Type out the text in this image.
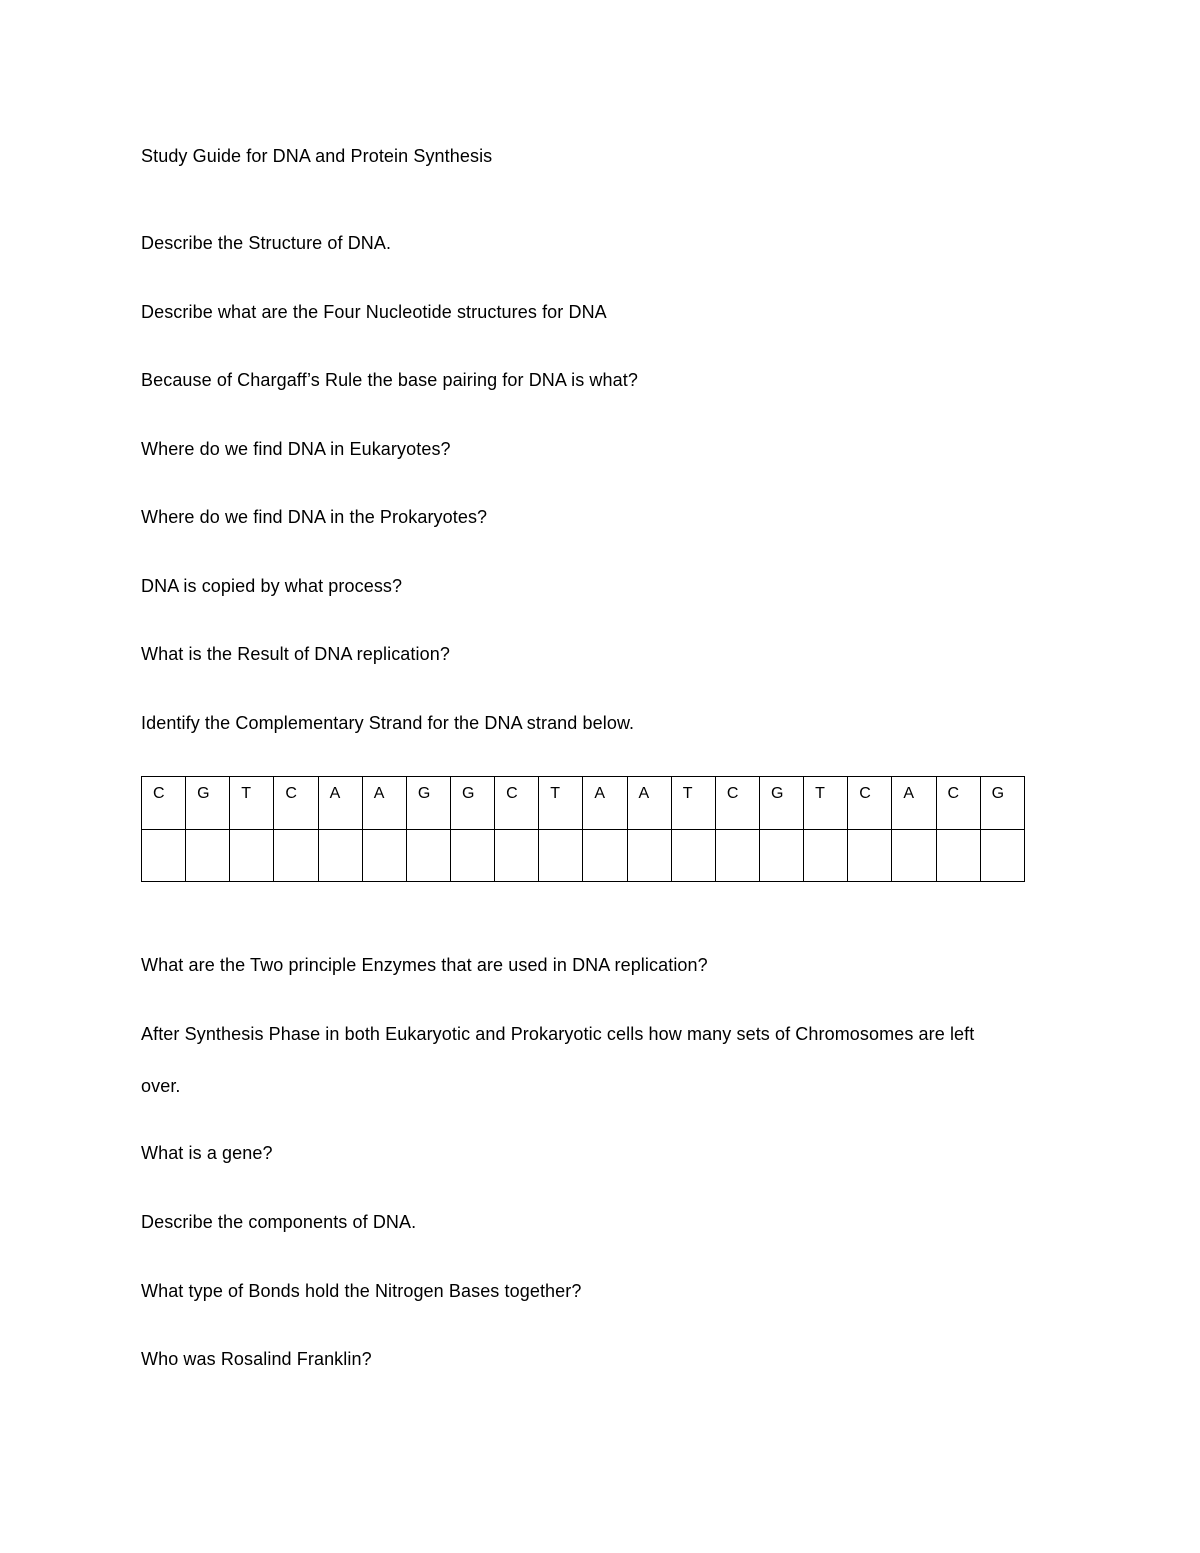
Study Guide for DNA and Protein Synthesis
Describe the Structure of DNA.
Describe what are the Four Nucleotide structures for DNA
Because of Chargaff’s Rule the base pairing for DNA is what?
Where do we find DNA in Eukaryotes?
Where do we find DNA in the Prokaryotes?
DNA is copied by what process?
What is the Result of DNA replication?
Identify the Complementary Strand for the DNA strand below.
C	G	T	C	A	A	G	G	C	T	A	A	T	C	G	T	C	A	C	G

What are the Two principle Enzymes that are used in DNA replication?
After Synthesis Phase in both Eukaryotic and Prokaryotic cells how many sets of Chromosomes are left
over.
What is a gene?
Describe the components of DNA.
What type of Bonds hold the Nitrogen Bases together?
Who was Rosalind Franklin?
